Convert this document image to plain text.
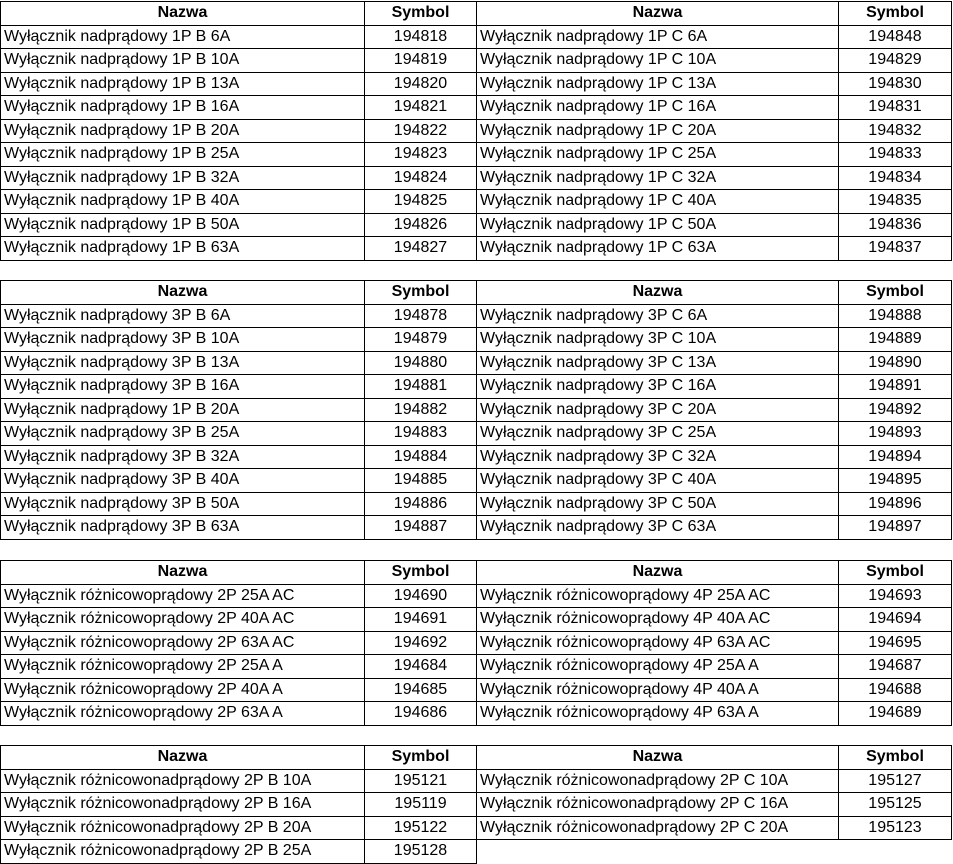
Nazwa	Symbol	Nazwa	Symbol
Wyłącznik nadprądowy 1P B 6A	194818	Wyłącznik nadprądowy 1P C 6A	194848
Wyłącznik nadprądowy 1P B 10A	194819	Wyłącznik nadprądowy 1P C 10A	194829
Wyłącznik nadprądowy 1P B 13A	194820	Wyłącznik nadprądowy 1P C 13A	194830
Wyłącznik nadprądowy 1P B 16A	194821	Wyłącznik nadprądowy 1P C 16A	194831
Wyłącznik nadprądowy 1P B 20A	194822	Wyłącznik nadprądowy 1P C 20A	194832
Wyłącznik nadprądowy 1P B 25A	194823	Wyłącznik nadprądowy 1P C 25A	194833
Wyłącznik nadprądowy 1P B 32A	194824	Wyłącznik nadprądowy 1P C 32A	194834
Wyłącznik nadprądowy 1P B 40A	194825	Wyłącznik nadprądowy 1P C 40A	194835
Wyłącznik nadprądowy 1P B 50A	194826	Wyłącznik nadprądowy 1P C 50A	194836
Wyłącznik nadprądowy 1P B 63A	194827	Wyłącznik nadprądowy 1P C 63A	194837
Nazwa	Symbol	Nazwa	Symbol
Wyłącznik nadprądowy 3P B 6A	194878	Wyłącznik nadprądowy 3P C 6A	194888
Wyłącznik nadprądowy 3P B 10A	194879	Wyłącznik nadprądowy 3P C 10A	194889
Wyłącznik nadprądowy 3P B 13A	194880	Wyłącznik nadprądowy 3P C 13A	194890
Wyłącznik nadprądowy 3P B 16A	194881	Wyłącznik nadprądowy 3P C 16A	194891
Wyłącznik nadprądowy 1P B 20A	194882	Wyłącznik nadprądowy 3P C 20A	194892
Wyłącznik nadprądowy 3P B 25A	194883	Wyłącznik nadprądowy 3P C 25A	194893
Wyłącznik nadprądowy 3P B 32A	194884	Wyłącznik nadprądowy 3P C 32A	194894
Wyłącznik nadprądowy 3P B 40A	194885	Wyłącznik nadprądowy 3P C 40A	194895
Wyłącznik nadprądowy 3P B 50A	194886	Wyłącznik nadprądowy 3P C 50A	194896
Wyłącznik nadprądowy 3P B 63A	194887	Wyłącznik nadprądowy 3P C 63A	194897
Nazwa	Symbol	Nazwa	Symbol
Wyłącznik różnicowoprądowy 2P 25A AC	194690	Wyłącznik różnicowoprądowy 4P 25A AC	194693
Wyłącznik różnicowoprądowy 2P 40A AC	194691	Wyłącznik różnicowoprądowy 4P 40A AC	194694
Wyłącznik różnicowoprądowy 2P 63A AC	194692	Wyłącznik różnicowoprądowy 4P 63A AC	194695
Wyłącznik różnicowoprądowy 2P 25A A	194684	Wyłącznik różnicowoprądowy 4P 25A A	194687
Wyłącznik różnicowoprądowy 2P 40A A	194685	Wyłącznik różnicowoprądowy 4P 40A A	194688
Wyłącznik różnicowoprądowy 2P 63A A	194686	Wyłącznik różnicowoprądowy 4P 63A A	194689
Nazwa	Symbol	Nazwa	Symbol
Wyłącznik różnicowonadprądowy 2P B 10A	195121	Wyłącznik różnicowonadprądowy 2P C 10A	195127
Wyłącznik różnicowonadprądowy 2P B 16A	195119	Wyłącznik różnicowonadprądowy 2P C 16A	195125
Wyłącznik różnicowonadprądowy 2P B 20A	195122	Wyłącznik różnicowonadprądowy 2P C 20A	195123
Wyłącznik różnicowonadprądowy 2P B 25A	195128		
